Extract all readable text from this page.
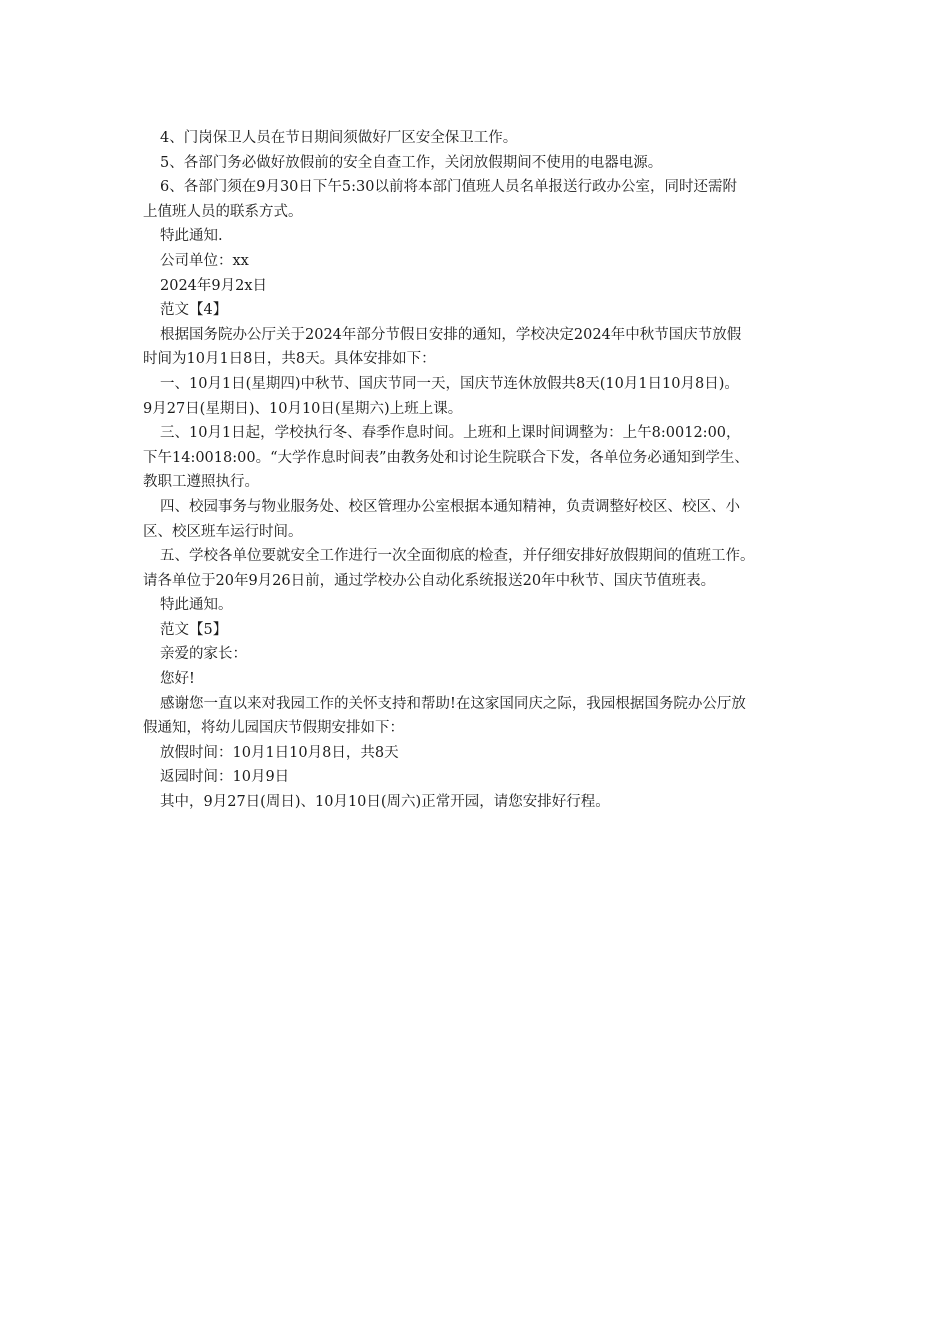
4、门岗保卫人员在节日期间须做好厂区安全保卫工作。
5、各部门务必做好放假前的安全自查工作，关闭放假期间不使用的电器电源。
6、各部门须在9月30日下午5:30以前将本部门值班人员名单报送行政办公室，同时还需附
上值班人员的联系方式。
特此通知.
公司单位：xx
2024年9月2x日
范文【4】
根据国务院办公厅关于2024年部分节假日安排的通知，学校决定2024年中秋节国庆节放假
时间为10月1日8日，共8天。具体安排如下：
一、10月1日(星期四)中秋节、国庆节同一天，国庆节连休放假共8天(10月1日10月8日)。
9月27日(星期日)、10月10日(星期六)上班上课。
三、10月1日起，学校执行冬、春季作息时间。上班和上课时间调整为：上午8:0012:00，
下午14:0018:00。“大学作息时间表”由教务处和讨论生院联合下发，各单位务必通知到学生、
教职工遵照执行。
四、校园事务与物业服务处、校区管理办公室根据本通知精神，负责调整好校区、校区、小
区、校区班车运行时间。
五、学校各单位要就安全工作进行一次全面彻底的检查，并仔细安排好放假期间的值班工作。
请各单位于20年9月26日前，通过学校办公自动化系统报送20年中秋节、国庆节值班表。
特此通知。
范文【5】
亲爱的家长：
您好!
感谢您一直以来对我园工作的关怀支持和帮助!在这家国同庆之际，我园根据国务院办公厅放
假通知，将幼儿园国庆节假期安排如下：
放假时间：10月1日10月8日，共8天
返园时间：10月9日
其中，9月27日(周日)、10月10日(周六)正常开园，请您安排好行程。
